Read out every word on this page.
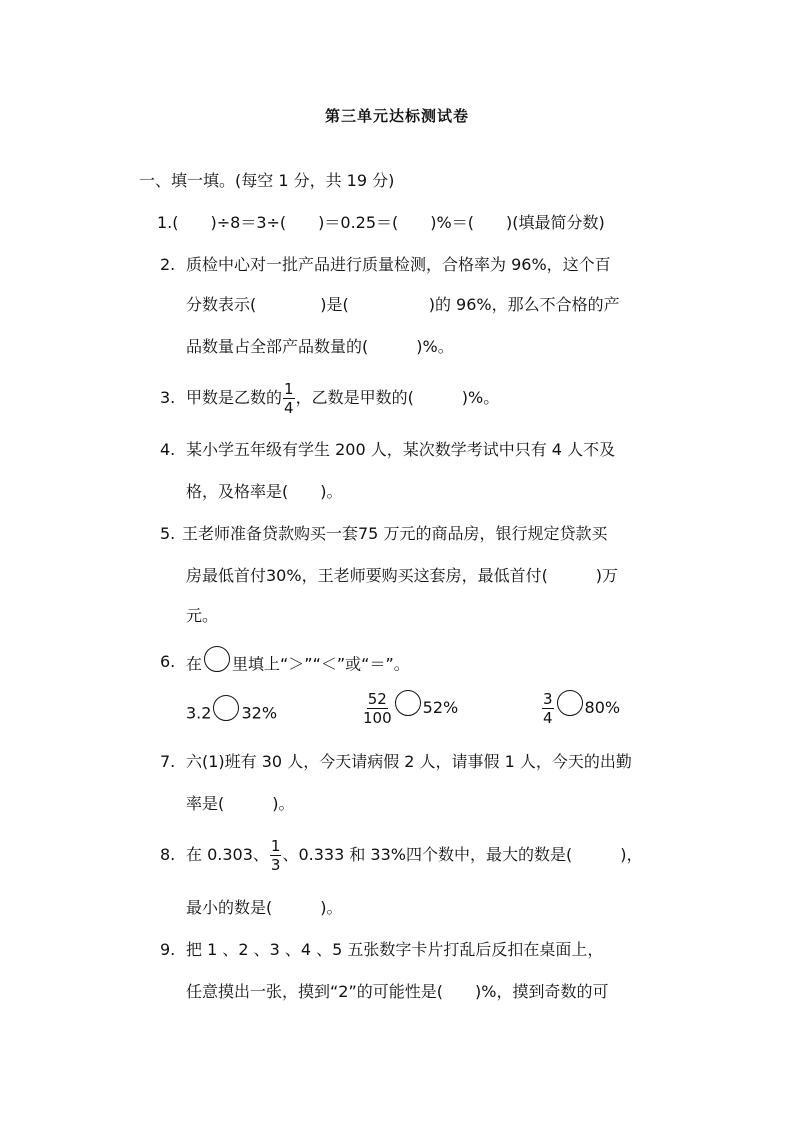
第三单元达标测试卷
一、填一填。(每空 1 分，共 19 分)
1.(　　)÷8＝3÷(　　)＝0.25＝(　　)%＝(　　)(填最简分数)
2. 质检中心对一批产品进行质量检测，合格率为 96%，这个百
分数表示(　　　　)是(　　　　　)的 96%，那么不合格的产
品数量占全部产品数量的(　　　)%。
3. 甲数是乙数的 $\frac{1}{4}$ ，乙数是甲数的(　　　)%。
4. 某小学五年级有学生 200 人，某次数学考试中只有 4 人不及
格，及格率是(　　)。
5. 王老师准备贷款购买一套75 万元的商品房，银行规定贷款买
房最低首付30%，王老师要购买这套房，最低首付(　　　)万
元。
6. 在 里填上“＞”“＜”或“＝”。
3.2 32%	$\frac{52}{100} 52\%$	$\frac{3}{4} 80\%$
7. 六(1)班有 30 人，今天请病假 2 人，请事假 1 人，今天的出勤
率是(　　　)。
8. 在 0.303、 $\frac{1}{3}$ 、0.333 和 33%四个数中，最大的数是(　　　)，
最小的数是(　　　)。
9. 把 1 、2 、3 、4 、5 五张数字卡片打乱后反扣在桌面上，
任意摸出一张，摸到“2”的可能性是(　　)%，摸到奇数的可
